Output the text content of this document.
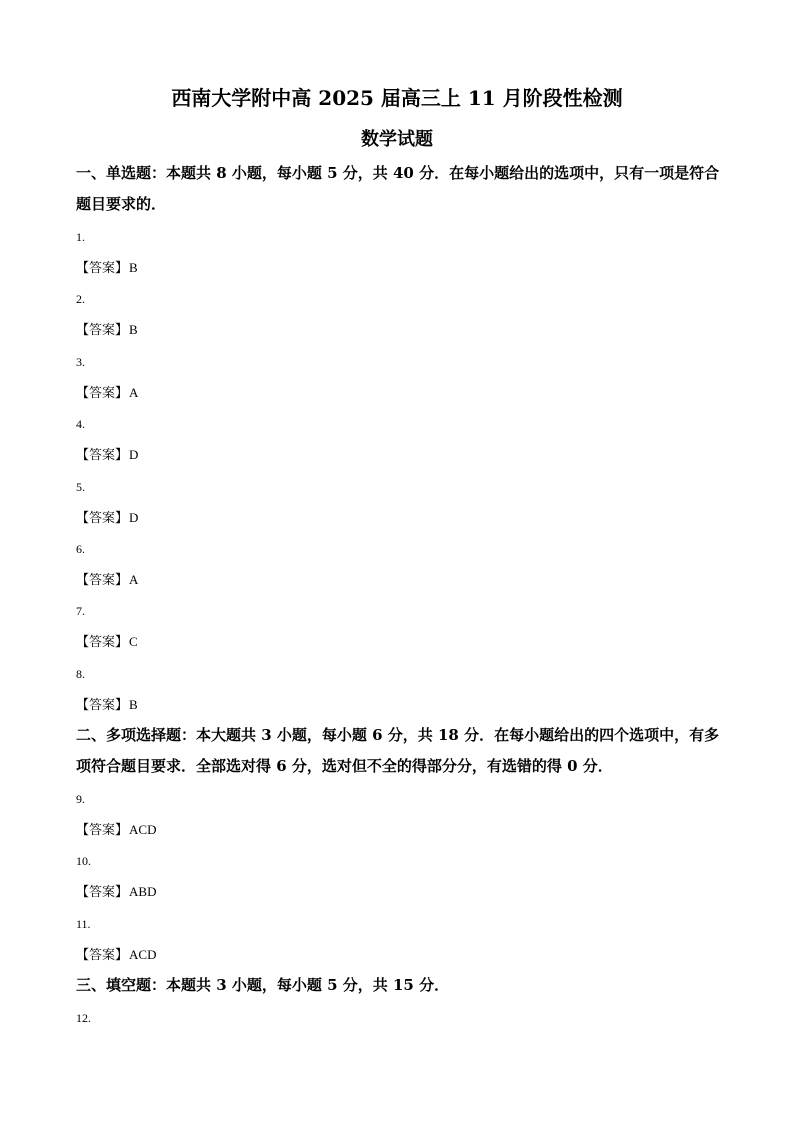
西南大学附中高 2025 届高三上 11 月阶段性检测
数学试题
一、单选题：本题共 8 小题，每小题 5 分，共 40 分．在每小题给出的选项中，只有一项是符合题目要求的．
1.
【答案】B
2.
【答案】B
3.
【答案】A
4.
【答案】D
5.
【答案】D
6.
【答案】A
7.
【答案】C
8.
【答案】B
二、多项选择题：本大题共 3 小题，每小题 6 分，共 18 分．在每小题给出的四个选项中，有多项符合题目要求．全部选对得 6 分，选对但不全的得部分分，有选错的得 0 分．
9.
【答案】ACD
10.
【答案】ABD
11.
【答案】ACD
三、填空题：本题共 3 小题，每小题 5 分，共 15 分．
12.
